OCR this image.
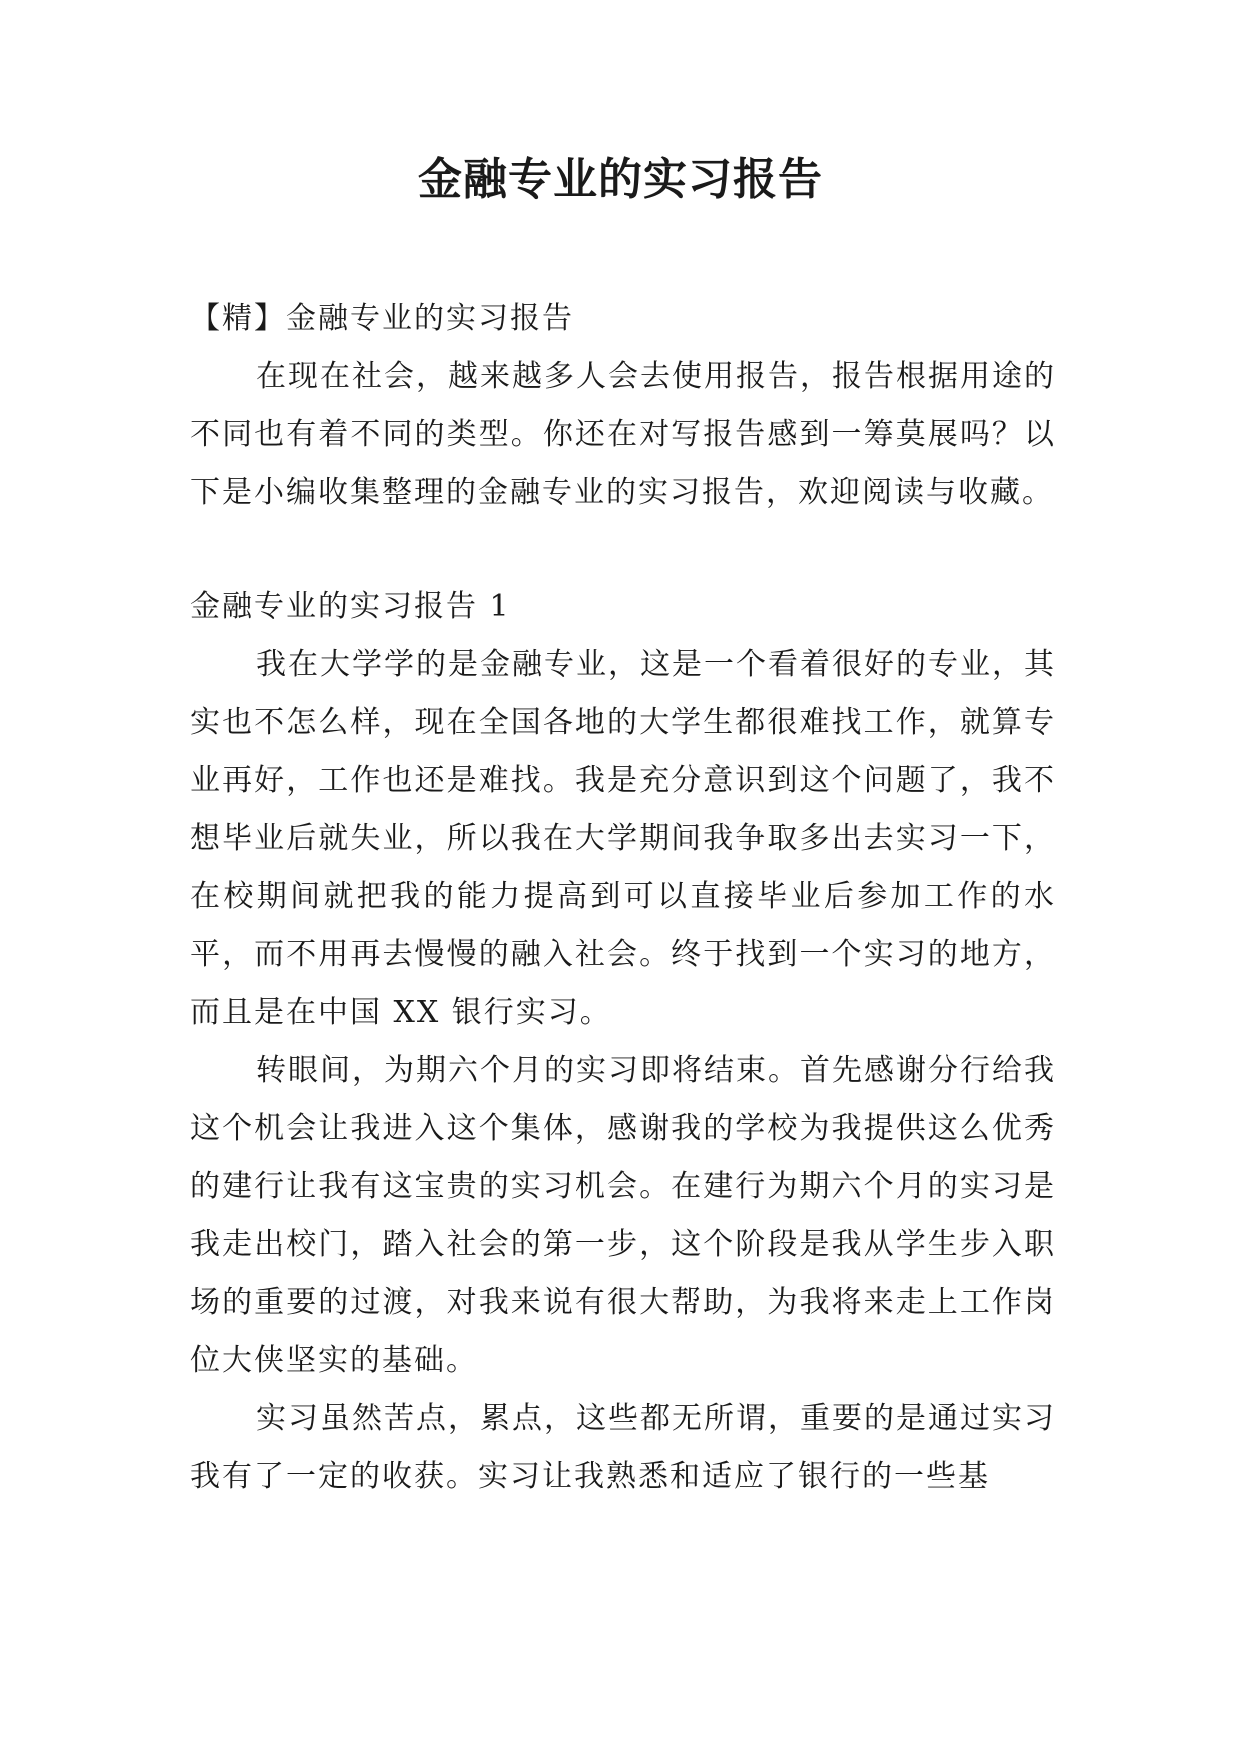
金融专业的实习报告

【精】金融专业的实习报告

在现在社会，越来越多人会去使用报告，报告根据用途的不同也有着不同的类型。你还在对写报告感到一筹莫展吗？以下是小编收集整理的金融专业的实习报告，欢迎阅读与收藏。

金融专业的实习报告 1

我在大学学的是金融专业，这是一个看着很好的专业，其实也不怎么样，现在全国各地的大学生都很难找工作，就算专业再好，工作也还是难找。我是充分意识到这个问题了，我不想毕业后就失业，所以我在大学期间我争取多出去实习一下，在校期间就把我的能力提高到可以直接毕业后参加工作的水平，而不用再去慢慢的融入社会。终于找到一个实习的地方，而且是在中国 XX 银行实习。

转眼间，为期六个月的实习即将结束。首先感谢分行给我这个机会让我进入这个集体，感谢我的学校为我提供这么优秀的建行让我有这宝贵的实习机会。在建行为期六个月的实习是我走出校门，踏入社会的第一步，这个阶段是我从学生步入职场的重要的过渡，对我来说有很大帮助，为我将来走上工作岗位大侠坚实的基础。

实习虽然苦点，累点，这些都无所谓，重要的是通过实习我有了一定的收获。实习让我熟悉和适应了银行的一些基
